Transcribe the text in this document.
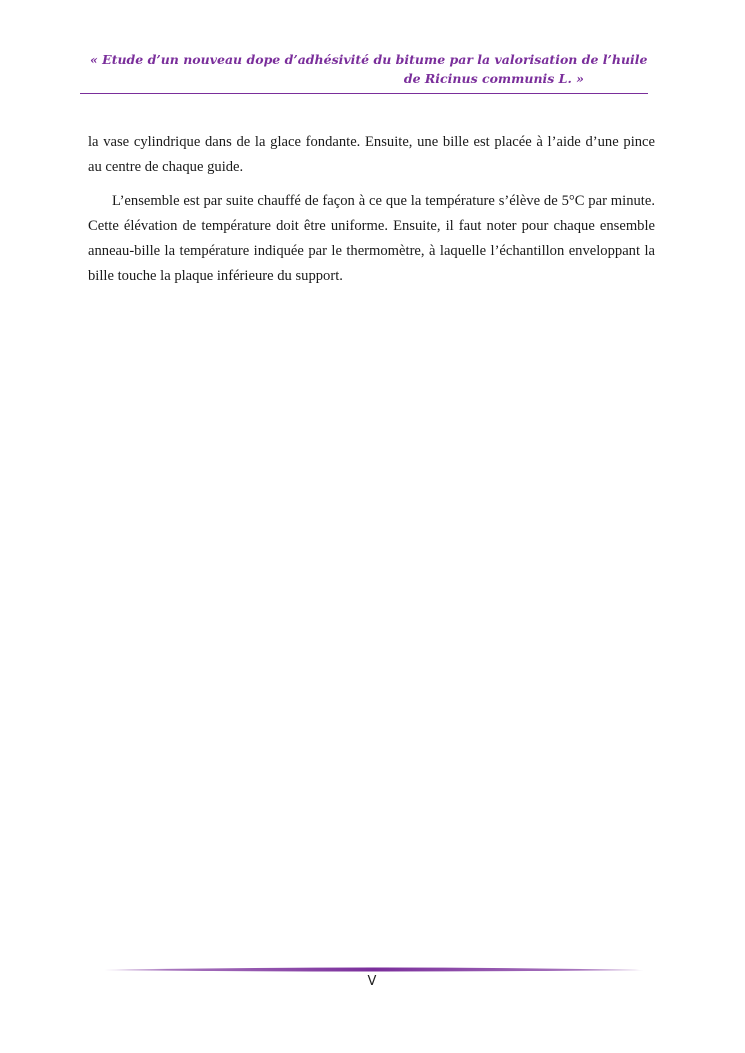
« Etude d’un nouveau dope d’adhésivité du bitume par la valorisation de l’huile
de Ricinus communis L. »

la vase cylindrique dans de la glace fondante. Ensuite, une bille est placée à l’aide d’une pince au centre de chaque guide.

L’ensemble est par suite chauffé de façon à ce que la température s’élève de 5°C par minute. Cette élévation de température doit être uniforme. Ensuite, il faut noter pour chaque ensemble anneau-bille la température indiquée par le thermomètre, à laquelle l’échantillon enveloppant la bille touche la plaque inférieure du support.

V
